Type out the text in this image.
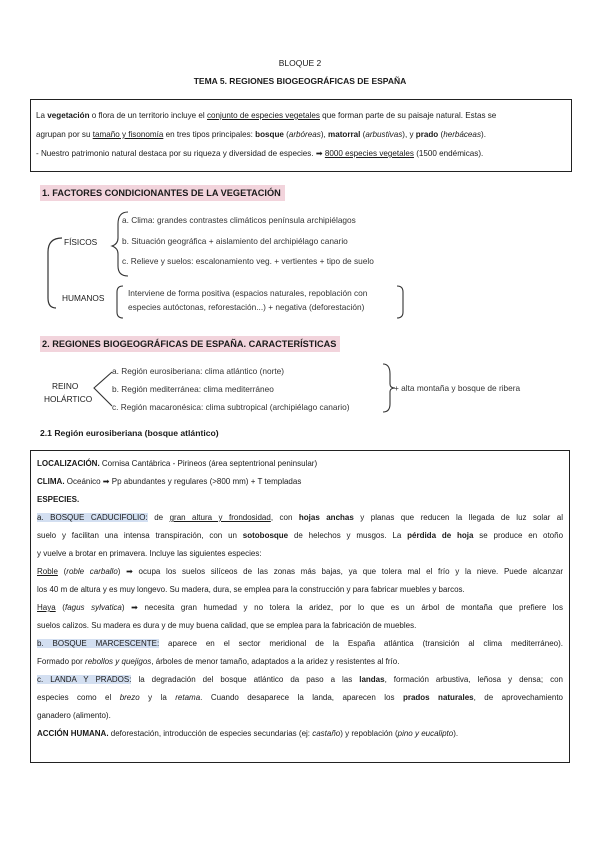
BLOQUE 2
TEMA 5. REGIONES BIOGEOGRÁFICAS DE ESPAÑA

La vegetación o flora de un territorio incluye el conjunto de especies vegetales que forman parte de su paisaje natural. Estas se

agrupan por su tamaño y fisonomía en tres tipos principales: bosque (arbóreas), matorral (arbustivas), y prado (herbáceas).

- Nuestro patrimonio natural destaca por su riqueza y diversidad de especies. ➡ 8000 especies vegetales (1500 endémicas).

1. FACTORES CONDICIONANTES DE LA VEGETACIÓN
FÍSICOS
HUMANOS
a. Clima: grandes contrastes climáticos península archipiélagos
b. Situación geográfica + aislamiento del archipiélago canario
c. Relieve y suelos: escalonamiento veg. + vertientes + tipo de suelo
Interviene de forma positiva (espacios naturales, repoblación con
especies autóctonas, reforestación...) + negativa (deforestación)
2. REGIONES BIOGEOGRÁFICAS DE ESPAÑA. CARACTERÍSTICAS
REINO
HOLÁRTICO
a. Región eurosiberiana: clima atlántico (norte)
b. Región mediterránea: clima mediterráneo
c. Región macaronésica: clima subtropical (archipiélago canario)
+ alta montaña y bosque de ribera
2.1 Región eurosiberiana (bosque atlántico)

LOCALIZACIÓN. Cornisa Cantábrica - Pirineos (área septentrional peninsular)

CLIMA. Oceánico ➡ Pp abundantes y regulares (>800 mm) + T templadas

ESPECIES.

a. BOSQUE CADUCIFOLIO: de gran altura y frondosidad, con hojas anchas y planas que reducen la llegada de luz solar al

suelo y facilitan una intensa transpiración, con un sotobosque de helechos y musgos. La pérdida de hoja se produce en otoño

y vuelve a brotar en primavera. Incluye las siguientes especies:

Roble (roble carballo) ➡ ocupa los suelos silíceos de las zonas más bajas, ya que tolera mal el frío y la nieve. Puede alcanzar

los 40 m de altura y es muy longevo. Su madera, dura, se emplea para la construcción y para fabricar muebles y barcos.

Haya (fagus sylvatica) ➡ necesita gran humedad y no tolera la aridez, por lo que es un árbol de montaña que prefiere los

suelos calizos. Su madera es dura y de muy buena calidad, que se emplea para la fabricación de muebles.

b. BOSQUE MARCESCENTE: aparece en el sector meridional de la España atlántica (transición al clima mediterráneo).

Formado por rebollos y quejigos, árboles de menor tamaño, adaptados a la aridez y resistentes al frío.

c. LANDA Y PRADOS: la degradación del bosque atlántico da paso a las landas, formación arbustiva, leñosa y densa; con

especies como el brezo y la retama. Cuando desaparece la landa, aparecen los prados naturales, de aprovechamiento

ganadero (alimento).

ACCIÓN HUMANA. deforestación, introducción de especies secundarias (ej: castaño) y repoblación (pino y eucalipto).
